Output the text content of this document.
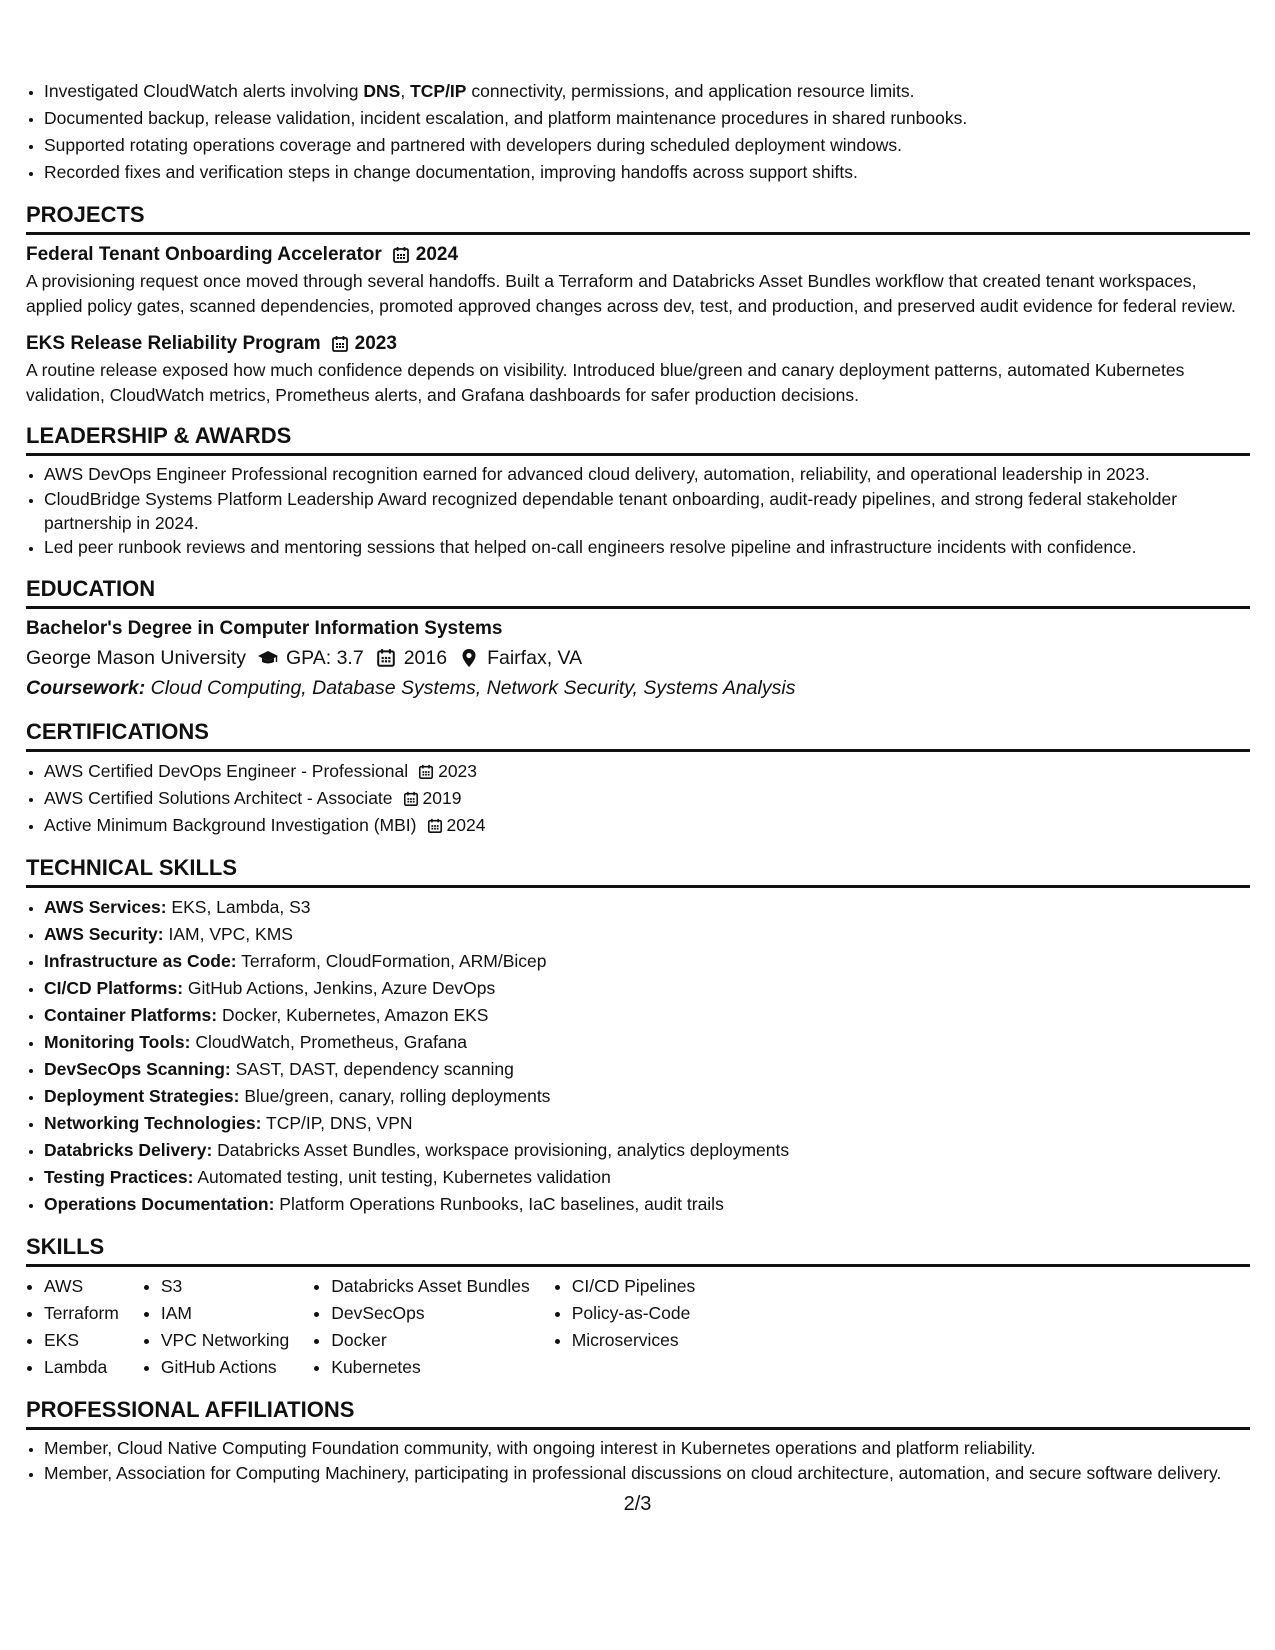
• Investigated CloudWatch alerts involving DNS, TCP/IP connectivity, permissions, and application resource limits.
• Documented backup, release validation, incident escalation, and platform maintenance procedures in shared runbooks.
• Supported rotating operations coverage and partnered with developers during scheduled deployment windows.
• Recorded fixes and verification steps in change documentation, improving handoffs across support shifts.
PROJECTS
Federal Tenant Onboarding Accelerator 2024

A provisioning request once moved through several handoffs. Built a Terraform and Databricks Asset Bundles workflow that created tenant workspaces, applied policy gates, scanned dependencies, promoted approved changes across dev, test, and production, and preserved audit evidence for federal review.

EKS Release Reliability Program 2023

A routine release exposed how much confidence depends on visibility. Introduced blue/green and canary deployment patterns, automated Kubernetes validation, CloudWatch metrics, Prometheus alerts, and Grafana dashboards for safer production decisions.

LEADERSHIP & AWARDS
• AWS DevOps Engineer Professional recognition earned for advanced cloud delivery, automation, reliability, and operational leadership in 2023.
• CloudBridge Systems Platform Leadership Award recognized dependable tenant onboarding, audit-ready pipelines, and strong federal stakeholder partnership in 2024.
• Led peer runbook reviews and mentoring sessions that helped on-call engineers resolve pipeline and infrastructure incidents with confidence.
EDUCATION
Bachelor's Degree in Computer Information Systems
George Mason University GPA: 3.7 2016 Fairfax, VA
Coursework: Cloud Computing, Database Systems, Network Security, Systems Analysis
CERTIFICATIONS
• AWS Certified DevOps Engineer - Professional 2023
• AWS Certified Solutions Architect - Associate 2019
• Active Minimum Background Investigation (MBI) 2024
TECHNICAL SKILLS
• AWS Services: EKS, Lambda, S3
• AWS Security: IAM, VPC, KMS
• Infrastructure as Code: Terraform, CloudFormation, ARM/Bicep
• CI/CD Platforms: GitHub Actions, Jenkins, Azure DevOps
• Container Platforms: Docker, Kubernetes, Amazon EKS
• Monitoring Tools: CloudWatch, Prometheus, Grafana
• DevSecOps Scanning: SAST, DAST, dependency scanning
• Deployment Strategies: Blue/green, canary, rolling deployments
• Networking Technologies: TCP/IP, DNS, VPN
• Databricks Delivery: Databricks Asset Bundles, workspace provisioning, analytics deployments
• Testing Practices: Automated testing, unit testing, Kubernetes validation
• Operations Documentation: Platform Operations Runbooks, IaC baselines, audit trails
SKILLS
• AWS
• Terraform
• EKS
• Lambda
• S3
• IAM
• VPC Networking
• GitHub Actions
• Databricks Asset Bundles
• DevSecOps
• Docker
• Kubernetes
• CI/CD Pipelines
• Policy-as-Code
• Microservices
PROFESSIONAL AFFILIATIONS
• Member, Cloud Native Computing Foundation community, with ongoing interest in Kubernetes operations and platform reliability.
• Member, Association for Computing Machinery, participating in professional discussions on cloud architecture, automation, and secure software delivery.
2/3
